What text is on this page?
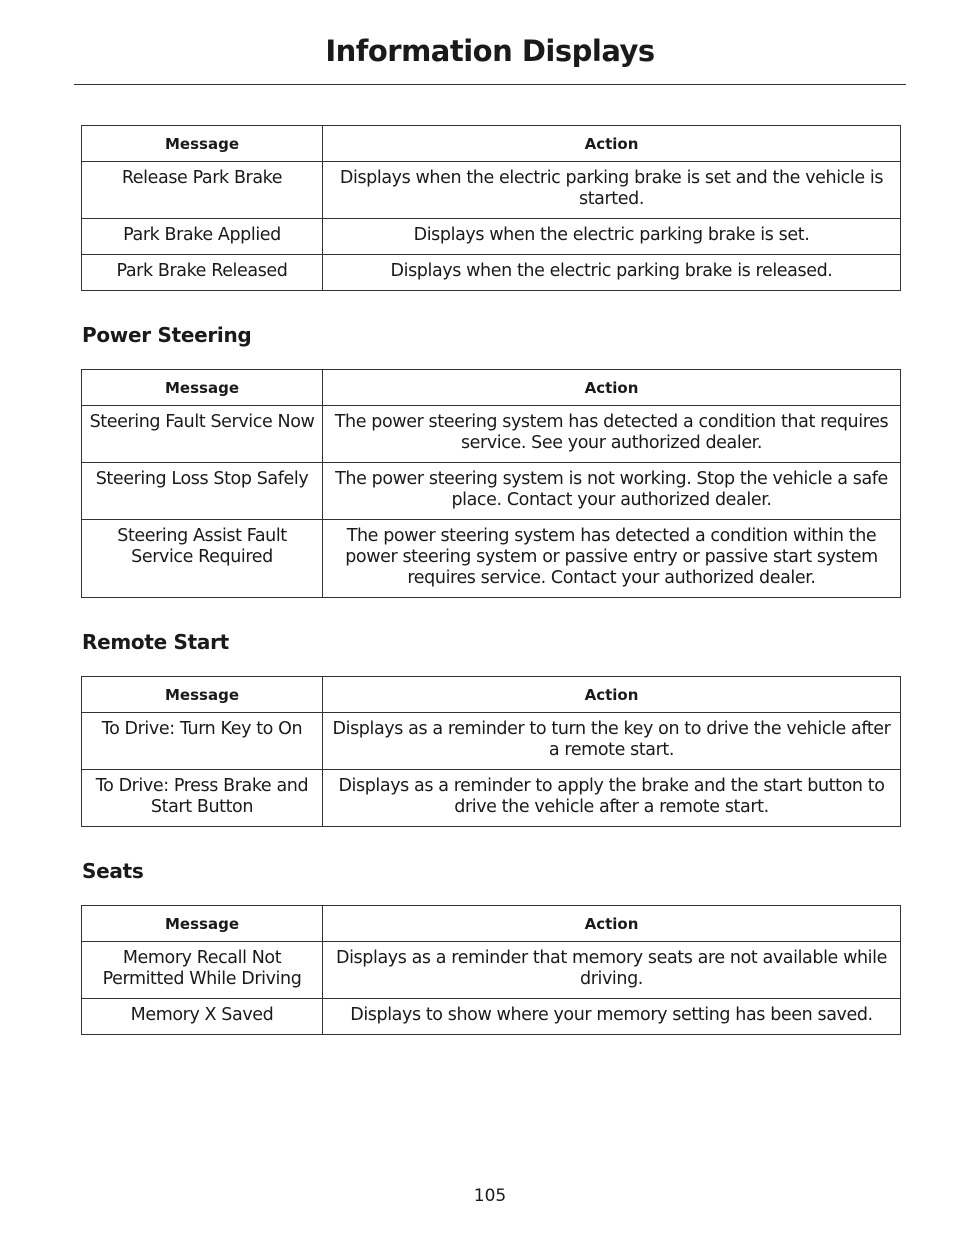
Information Displays
Message	Action
Release Park Brake	Displays when the electric parking brake is set and the vehicle is started.
Park Brake Applied	Displays when the electric parking brake is set.
Park Brake Released	Displays when the electric parking brake is released.
Power Steering
Message	Action
Steering Fault Service Now	The power steering system has detected a condition that requires service. See your authorized dealer.
Steering Loss Stop Safely	The power steering system is not working. Stop the vehicle a safe place. Contact your authorized dealer.
Steering Assist Fault Service Required	The power steering system has detected a condition within the power steering system or passive entry or passive start system requires service. Contact your authorized dealer.
Remote Start
Message	Action
To Drive: Turn Key to On	Displays as a reminder to turn the key on to drive the vehicle after a remote start.
To Drive: Press Brake and Start Button	Displays as a reminder to apply the brake and the start button to drive the vehicle after a remote start.
Seats
Message	Action
Memory Recall Not Permitted While Driving	Displays as a reminder that memory seats are not available while driving.
Memory X Saved	Displays to show where your memory setting has been saved.
105
